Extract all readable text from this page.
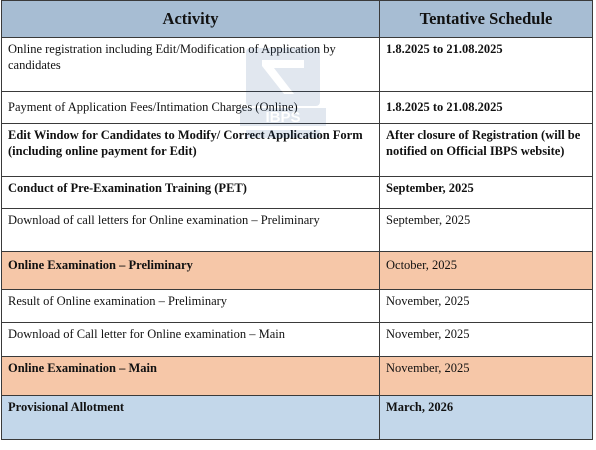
Activity	Tentative Schedule
Online registration including Edit/Modification of Application by candidates	1.8.2025 to 21.08.2025
Payment of Application Fees/Intimation Charges (Online)	1.8.2025 to 21.08.2025
Edit Window for Candidates to Modify/ Correct Application Form (including online payment for Edit)	After closure of Registration (will be notified on Official IBPS website)
Conduct of Pre-Examination Training (PET)	September, 2025
Download of call letters for Online examination – Preliminary	September, 2025
Online Examination – Preliminary	October, 2025
Result of Online examination – Preliminary	November, 2025
Download of Call letter for Online examination – Main	November, 2025
Online Examination – Main	November, 2025
Provisional Allotment	March, 2026
IBPS
